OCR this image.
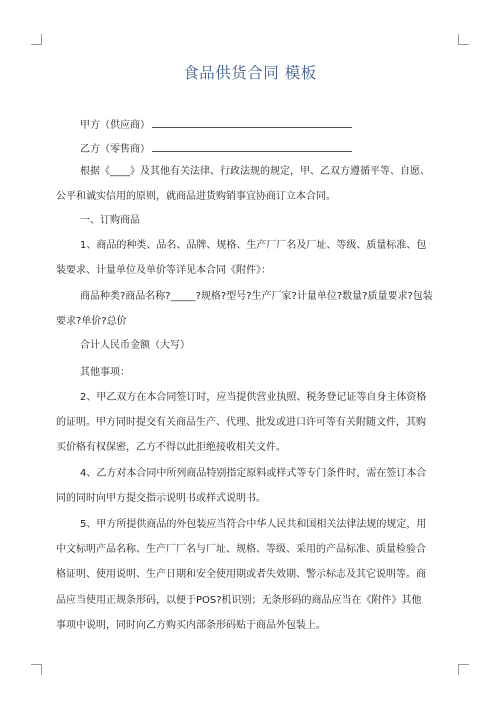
食品供货合同 模板
甲方（供应商）
乙方（零售商）
根据《____》及其他有关法律、行政法规的规定，甲、乙双方遵循平等、自愿、
公平和诚实信用的原则，就商品进货购销事宜协商订立本合同。
一、订购商品
1、商品的种类、品名、品牌、规格、生产厂厂名及厂址、等级、质量标准、包
装要求、计量单位及单价等详见本合同《附件》：
商品种类?商品名称?_____?规格?型号?生产厂家?计量单位?数量?质量要求?包装
要求?单价?总价
合计人民币金额（大写）
其他事项：
2、甲乙双方在本合同签订时，应当提供营业执照、税务登记证等自身主体资格
的证明。甲方同时提交有关商品生产、代理、批发或进口许可等有关附随文件，其购
买价格有权保密，乙方不得以此拒绝接收相关文件。
4、乙方对本合同中所列商品特别指定原料或样式等专门条件时，需在签订本合
同的同时向甲方提交指示说明书或样式说明书。
5、甲方所提供商品的外包装应当符合中华人民共和国相关法律法规的规定，用
中文标明产品名称、生产厂厂名与厂址、规格、等级、采用的产品标准、质量检验合
格证明、使用说明、生产日期和安全使用期或者失效期、警示标志及其它说明等。商
品应当使用正规条形码，以便于POS?机识别；无条形码的商品应当在《附件》其他
事项中说明，同时向乙方购买内部条形码贴于商品外包装上。
